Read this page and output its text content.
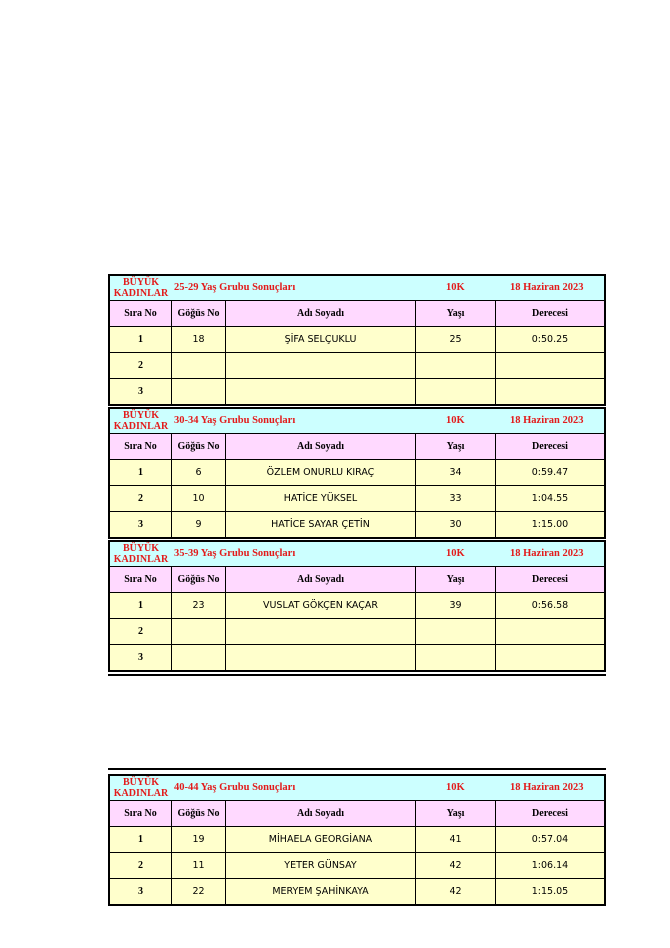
BÜYÜK KADINLAR
25-29 Yaş Grubu Sonuçları	10K	18 Haziran 2023
Sıra No	Göğüs No	Adı Soyadı	Yaşı	Derecesi
1	18	ŞİFA SELÇUKLU	25	0:50.25
2
3
BÜYÜK KADINLAR
30-34 Yaş Grubu Sonuçları	10K	18 Haziran 2023
Sıra No	Göğüs No	Adı Soyadı	Yaşı	Derecesi
1	6	ÖZLEM ONURLU KIRAÇ	34	0:59.47
2	10	HATİCE YÜKSEL	33	1:04.55
3	9	HATİCE SAYAR ÇETİN	30	1:15.00
BÜYÜK KADINLAR
35-39 Yaş Grubu Sonuçları	10K	18 Haziran 2023
Sıra No	Göğüs No	Adı Soyadı	Yaşı	Derecesi
1	23	VUSLAT GÖKÇEN KAÇAR	39	0:56.58
2
3
BÜYÜK KADINLAR
40-44 Yaş Grubu Sonuçları	10K	18 Haziran 2023
Sıra No	Göğüs No	Adı Soyadı	Yaşı	Derecesi
1	19	MİHAELA GEORGİANA	41	0:57.04
2	11	YETER GÜNSAY	42	1:06.14
3	22	MERYEM ŞAHİNKAYA	42	1:15.05
